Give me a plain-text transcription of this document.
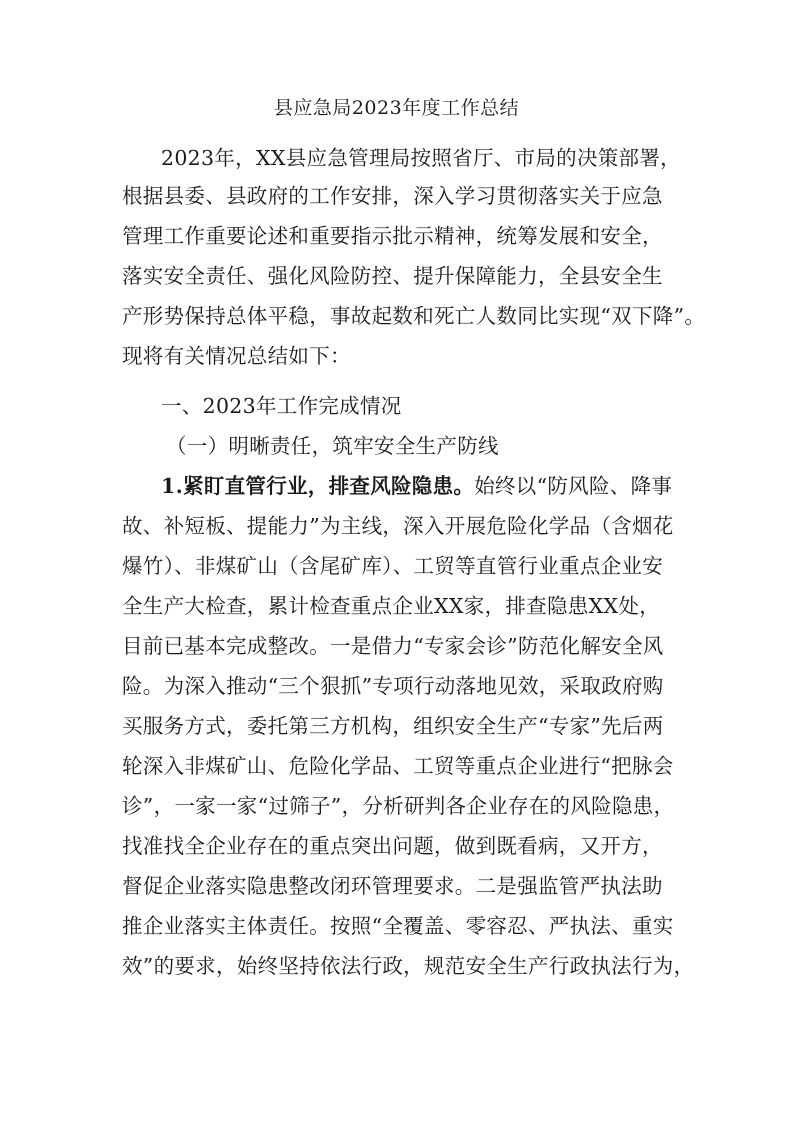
县应急局2023年度工作总结
2023年，XX县应急管理局按照省厅、市局的决策部署，
根据县委、县政府的工作安排，深入学习贯彻落实关于应急
管理工作重要论述和重要指示批示精神，统筹发展和安全，
落实安全责任、强化风险防控、提升保障能力，全县安全生
产形势保持总体平稳，事故起数和死亡人数同比实现“双下降”。
现将有关情况总结如下：
一、2023年工作完成情况
（一）明晰责任，筑牢安全生产防线
1.紧盯直管行业，排查风险隐患。始终以“防风险、降事
故、补短板、提能力”为主线，深入开展危险化学品（含烟花
爆竹）、非煤矿山（含尾矿库）、工贸等直管行业重点企业安
全生产大检查，累计检查重点企业XX家，排查隐患XX处，
目前已基本完成整改。一是借力“专家会诊”防范化解安全风
险。为深入推动“三个狠抓”专项行动落地见效，采取政府购
买服务方式，委托第三方机构，组织安全生产“专家”先后两
轮深入非煤矿山、危险化学品、工贸等重点企业进行“把脉会
诊”，一家一家“过筛子”，分析研判各企业存在的风险隐患，
找准找全企业存在的重点突出问题，做到既看病，又开方，
督促企业落实隐患整改闭环管理要求。二是强监管严执法助
推企业落实主体责任。按照“全覆盖、零容忍、严执法、重实
效”的要求，始终坚持依法行政，规范安全生产行政执法行为，
